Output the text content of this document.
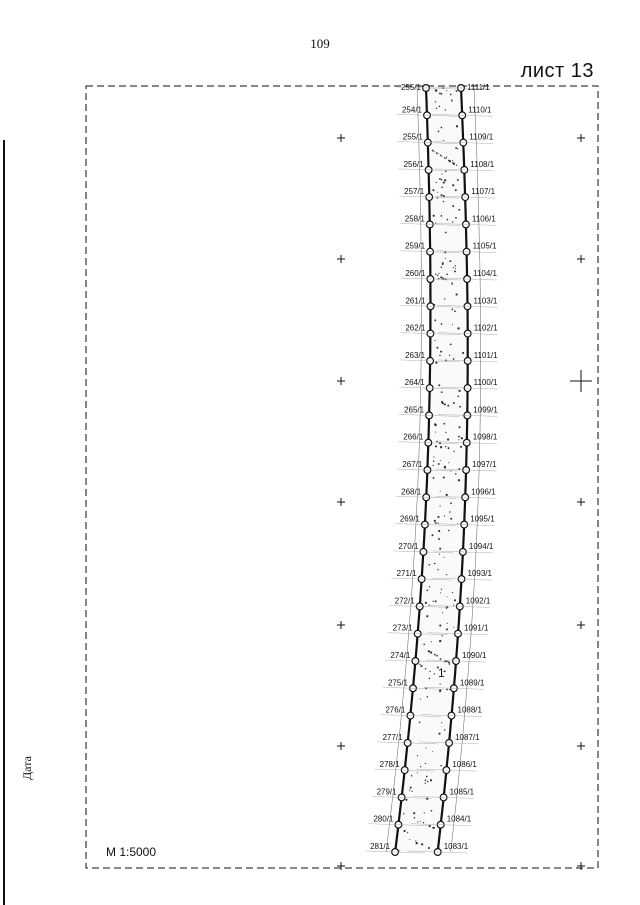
109
лист 13
Дата
255/1
254/1
255/1
256/1
257/1
258/1
259/1
260/1
261/1
262/1
263/1
264/1
265/1
266/1
267/1
268/1
269/1
270/1
271/1
272/1
273/1
274/1
275/1
276/1
277/1
278/1
279/1
280/1
281/1
1111/1
1110/1
1109/1
1108/1
1107/1
1106/1
1105/1
1104/1
1103/1
1102/1
1101/1
1100/1
1099/1
1098/1
1097/1
1096/1
1095/1
1094/1
1093/1
1092/1
1091/1
1090/1
1089/1
1088/1
1087/1
1086/1
1085/1
1084/1
1083/1
1
М 1:5000
